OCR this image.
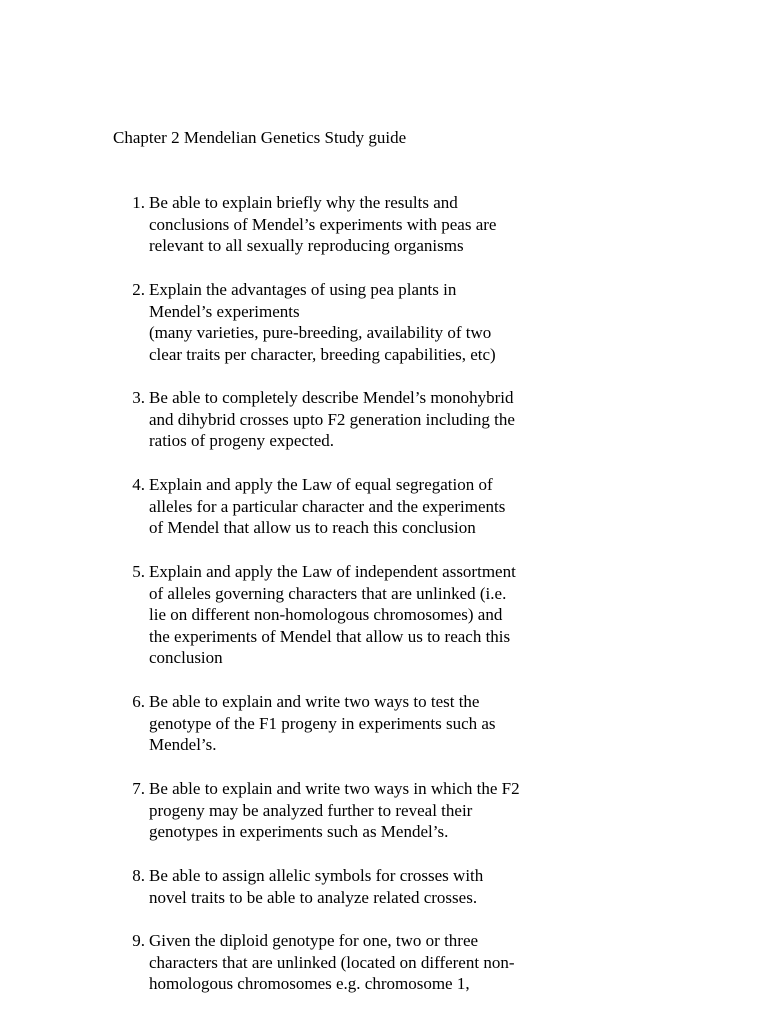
Chapter 2 Mendelian Genetics Study guide
1. Be able to explain briefly why the results and
conclusions of Mendel’s experiments with peas are
relevant to all sexually reproducing organisms
2. Explain the advantages of using pea plants in
Mendel’s experiments
(many varieties, pure-breeding, availability of two
clear traits per character, breeding capabilities, etc)
3. Be able to completely describe Mendel’s monohybrid
and dihybrid crosses upto F2 generation including the
ratios of progeny expected.
4. Explain and apply the Law of equal segregation of
alleles for a particular character and the experiments
of Mendel that allow us to reach this conclusion
5. Explain and apply the Law of independent assortment
of alleles governing characters that are unlinked (i.e.
lie on different non-homologous chromosomes) and
the experiments of Mendel that allow us to reach this
conclusion
6. Be able to explain and write two ways to test the
genotype of the F1 progeny in experiments such as
Mendel’s.
7. Be able to explain and write two ways in which the F2
progeny may be analyzed further to reveal their
genotypes in experiments such as Mendel’s.
8. Be able to assign allelic symbols for crosses with
novel traits to be able to analyze related crosses.
9. Given the diploid genotype for one, two or three
characters that are unlinked (located on different non-
homologous chromosomes e.g. chromosome 1,
